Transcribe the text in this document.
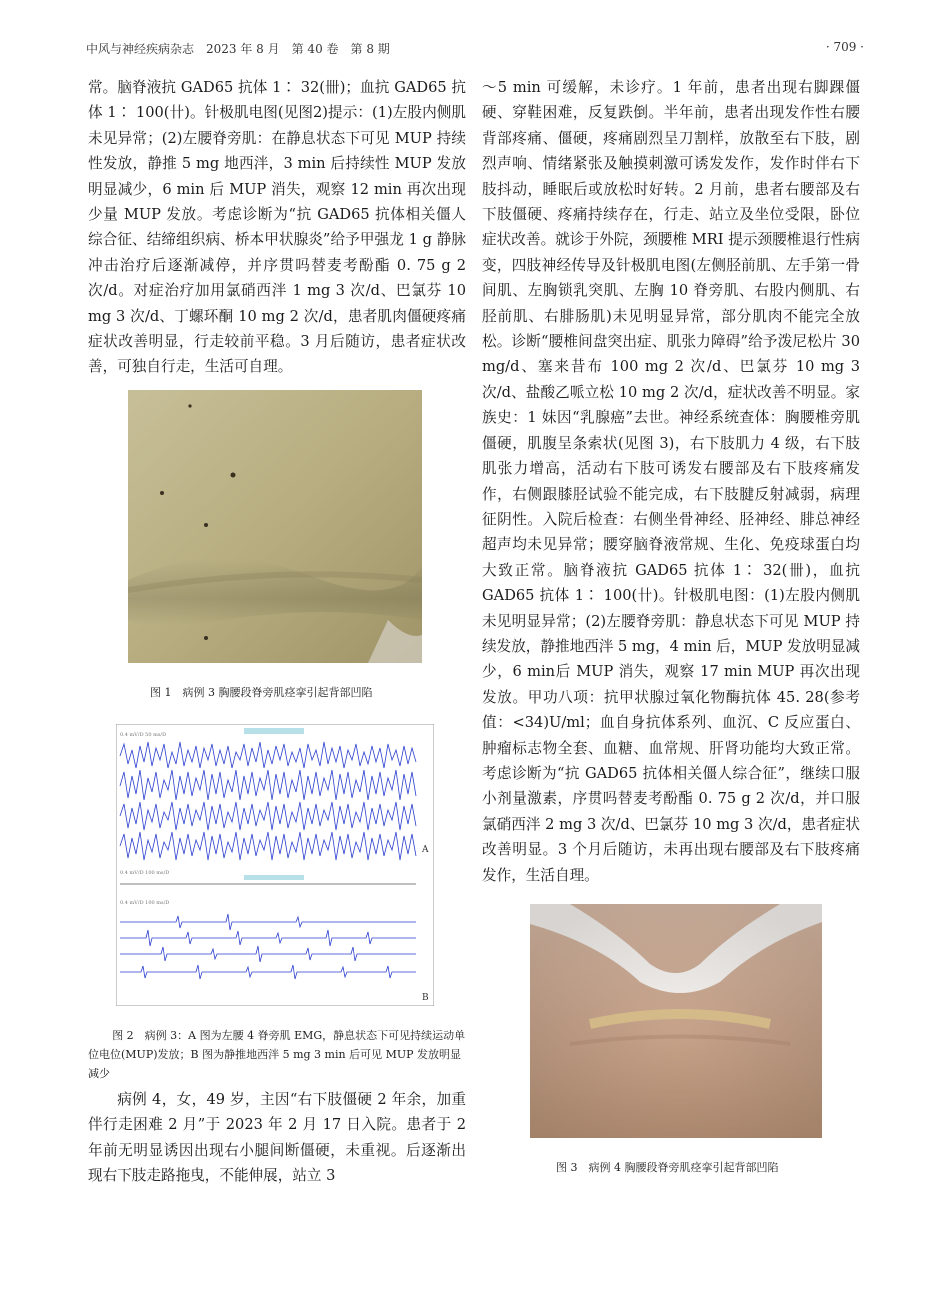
中风与神经疾病杂志　2023 年 8 月　第 40 卷　第 8 期	· 709 ·

常。脑脊液抗 GAD65 抗体 1∶ 32(卌)；血抗 GAD65 抗体 1∶ 100(卄)。针极肌电图(见图2)提示：(1)左股内侧肌未见异常；(2)左腰脊旁肌：在静息状态下可见 MUP 持续性发放，静推 5 mg 地西泮，3 min 后持续性 MUP 发放明显减少，6 min 后 MUP 消失，观察 12 min 再次出现少量 MUP 发放。考虑诊断为“抗 GAD65 抗体相关僵人综合征、结缔组织病、桥本甲状腺炎”给予甲强龙 1 g 静脉冲击治疗后逐渐减停，并序贯吗替麦考酚酯 0. 75 g 2 次/d。对症治疗加用氯硝西泮 1 mg 3 次/d、巴氯芬 10 mg 3 次/d、丁螺环酮 10 mg 2 次/d，患者肌肉僵硬疼痛症状改善明显，行走较前平稳。3 月后随访，患者症状改善，可独自行走，生活可自理。

图 1　病例 3 胸腰段脊旁肌痉挛引起背部凹陷
0.4 mV/D 50 ms/D
A
0.4 mV/D 100 ms/D
0.4 mV/D 100 ms/D
B
图 2　病例 3：A 图为左腰 4 脊旁肌 EMG，静息状态下可见持续运动单位电位(MUP)发放；B 图为静推地西泮 5 mg 3 min 后可见 MUP 发放明显减少

病例 4，女，49 岁，主因“右下肢僵硬 2 年余，加重伴行走困难 2 月”于 2023 年 2 月 17 日入院。患者于 2 年前无明显诱因出现右小腿间断僵硬，未重视。后逐渐出现右下肢走路拖曳，不能伸展，站立 3

～5 min 可缓解，未诊疗。1 年前，患者出现右脚踝僵硬、穿鞋困难，反复跌倒。半年前，患者出现发作性右腰背部疼痛、僵硬，疼痛剧烈呈刀割样，放散至右下肢，剧烈声响、情绪紧张及触摸刺激可诱发发作，发作时伴右下肢抖动，睡眠后或放松时好转。2 月前，患者右腰部及右下肢僵硬、疼痛持续存在，行走、站立及坐位受限，卧位症状改善。就诊于外院，颈腰椎 MRI 提示颈腰椎退行性病变，四肢神经传导及针极肌电图(左侧胫前肌、左手第一骨间肌、左胸锁乳突肌、左胸 10 脊旁肌、右股内侧肌、右胫前肌、右腓肠肌)未见明显异常，部分肌肉不能完全放松。诊断“腰椎间盘突出症、肌张力障碍”给予泼尼松片 30 mg/d、塞来昔布 100 mg 2 次/d、巴氯芬 10 mg 3 次/d、盐酸乙哌立松 10 mg 2 次/d，症状改善不明显。家族史：1 妹因“乳腺癌”去世。神经系统查体：胸腰椎旁肌僵硬，肌腹呈条索状(见图 3)，右下肢肌力 4 级，右下肢肌张力增高，活动右下肢可诱发右腰部及右下肢疼痛发作，右侧跟膝胫试验不能完成，右下肢腱反射减弱，病理征阴性。入院后检查：右侧坐骨神经、胫神经、腓总神经超声均未见异常；腰穿脑脊液常规、生化、免疫球蛋白均大致正常。脑脊液抗 GAD65 抗体 1∶ 32(卌)，血抗 GAD65 抗体 1∶ 100(卄)。针极肌电图：(1)左股内侧肌未见明显异常；(2)左腰脊旁肌：静息状态下可见 MUP 持续发放，静推地西泮 5 mg，4 min 后，MUP 发放明显减少，6 min后 MUP 消失，观察 17 min MUP 再次出现发放。甲功八项：抗甲状腺过氧化物酶抗体 45. 28(参考值：<34)U/ml；血自身抗体系列、血沉、C 反应蛋白、肿瘤标志物全套、血糖、血常规、肝肾功能均大致正常。考虑诊断为“抗 GAD65 抗体相关僵人综合征”，继续口服小剂量激素，序贯吗替麦考酚酯 0. 75 g 2 次/d，并口服氯硝西泮 2 mg 3 次/d、巴氯芬 10 mg 3 次/d，患者症状改善明显。3 个月后随访，未再出现右腰部及右下肢疼痛发作，生活自理。

图 3　病例 4 胸腰段脊旁肌痉挛引起背部凹陷
